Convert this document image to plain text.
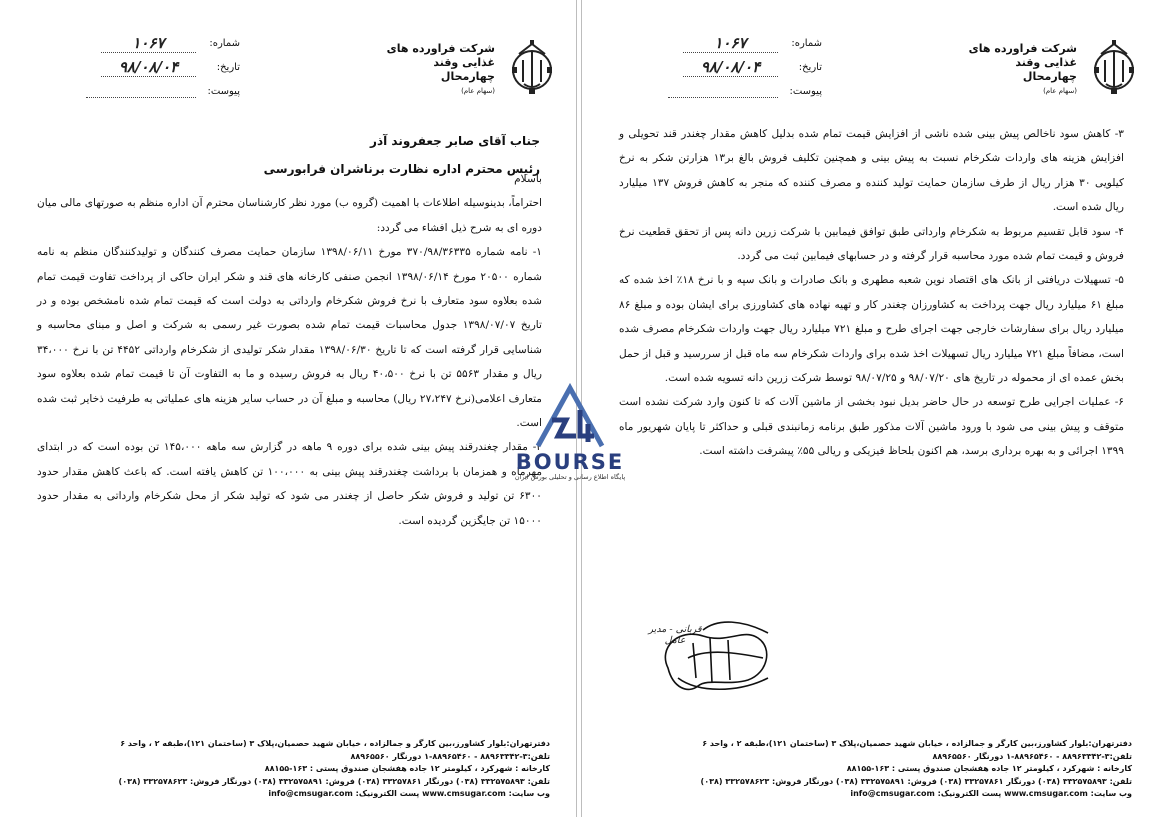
شماره:
۱۰۶۷
تاریخ:
۹۸/۰۸/۰۴
پیوست:
شرکت فراورده های
غذایی وقند
چهارمحال
(سهام عام)
جناب آقای صابر جعفروند آذر
رئیس محترم اداره نظارت برناشران فرابورسی

باسلام

احتراماً، بدینوسیله اطلاعات با اهمیت (گروه ب) مورد نظر کارشناسان محترم آن اداره منظم به صورتهای مالی میان دوره ای به شرح ذیل افشاء می گردد:

۱- نامه شماره ۳۷۰/۹۸/۳۶۳۳۵ مورخ ۱۳۹۸/۰۶/۱۱ سازمان حمایت مصرف کنندگان و تولیدکنندگان منظم به نامه شماره ۲۰۵۰۰ مورخ ۱۳۹۸/۰۶/۱۴ انجمن صنفی کارخانه های قند و شکر ایران حاکی از پرداخت تفاوت قیمت تمام شده بعلاوه سود متعارف با نرخ فروش شکرخام وارداتی به دولت است که قیمت تمام شده نامشخص بوده و در تاریخ ۱۳۹۸/۰۷/۰۷ جدول محاسبات قیمت تمام شده بصورت غیر رسمی به شرکت و اصل و مبنای محاسبه و شناسایی قرار گرفته است که تا تاریخ ۱۳۹۸/۰۶/۳۰ مقدار شکر تولیدی از شکرخام وارداتی ۴۴۵۲ تن با نرخ ۳۴،۰۰۰ ریال و مقدار ۵۵۶۳ تن با نرخ ۴۰،۵۰۰ ریال به فروش رسیده و ما به التفاوت آن تا قیمت تمام شده بعلاوه سود متعارف اعلامی(نرخ ۲۷،۲۴۷ ریال) محاسبه و مبلغ آن در حساب سایر هزینه های عملیاتی به طرفیت ذخایر ثبت شده است.

۲- مقدار چغندرقند پیش بینی شده برای دوره ۹ ماهه در گزارش سه ماهه ۱۴۵،۰۰۰ تن بوده است که در ابتدای مهرماه و همزمان با برداشت چغندرقند پیش بینی به ۱۰۰،۰۰۰ تن کاهش یافته است. که باعث کاهش مقدار حدود ۶۳۰۰ تن تولید و فروش شکر حاصل از چغندر می شود که تولید شکر از محل شکرخام وارداتی به مقدار حدود ۱۵۰۰۰ تن جایگزین گردیده است.

دفترتهران:بلوار کشاورز،بین کارگر و جمالزاده ، خیابان شهید حصمیان،پلاک ۳ (ساختمان ۱۲۱)،طبقه ۲ ، واحد ۶
تلفن:۳-۸۸۹۶۳۳۴۲ - ۸۸۹۶۵۴۶۰-۱ دورنگار ۸۸۹۶۵۵۶۰
کارخانه : شهرکرد ، کیلومتر ۱۲ جاده هفشجان صندوق پستی : ۱۶۳-۸۸۱۵۵
تلفن: ۳۳۲۵۷۵۸۹۳ (۰۳۸) دورنگار ۳۳۲۵۷۸۶۱ (۰۳۸) فروش: ۳۳۲۵۷۵۸۹۱ (۰۳۸) دورنگار فروش: ۳۳۲۵۷۸۶۲۳ (۰۳۸)
وب سایت: www.cmsugar.com پست الکترونیک: info@cmsugar.com
شماره:
۱۰۶۷
تاریخ:
۹۸/۰۸/۰۴
پیوست:
شرکت فراورده های
غذایی وقند
چهارمحال
(سهام عام)

۳- کاهش سود ناخالص پیش بینی شده ناشی از افزایش قیمت تمام شده بدلیل کاهش مقدار چغندر قند تحویلی و افزایش هزینه های واردات شکرخام نسبت به پیش بینی و همچنین تکلیف فروش بالغ بر۱۳ هزارتن شکر به نرخ کیلویی ۳۰ هزار ریال از طرف سازمان حمایت تولید کننده و مصرف کننده که منجر به کاهش فروش ۱۳۷ میلیارد ریال شده است.

۴- سود قابل تقسیم مربوط به شکرخام وارداتی طبق توافق فیمابین با شرکت زرین دانه پس از تحقق قطعیت نرخ فروش و قیمت تمام شده مورد محاسبه قرار گرفته و در حسابهای فیمابین ثبت می گردد.

۵- تسهیلات دریافتی از بانک های اقتصاد نوین شعبه مطهری و بانک صادرات و بانک سپه و با نرخ ۱۸٪ اخذ شده که مبلغ ۶۱ میلیارد ریال جهت پرداخت به کشاورزان چغندر کار و تهیه نهاده های کشاورزی برای ایشان بوده و مبلغ ۸۶ میلیارد ریال برای سفارشات خارجی جهت اجرای طرح و مبلغ ۷۲۱ میلیارد ریال جهت واردات شکرخام مصرف شده است، مضافاً مبلغ ۷۲۱ میلیارد ریال تسهیلات اخذ شده برای واردات شکرخام سه ماه قبل از سررسید و قبل از حمل بخش عمده ای از محموله در تاریخ های ۹۸/۰۷/۲۰ و ۹۸/۰۷/۲۵ توسط شرکت زرین دانه تسویه شده است.

۶- عملیات اجرایی طرح توسعه در حال حاضر بدیل نبود بخشی از ماشین آلات که تا کنون وارد شرکت نشده است متوقف و پیش بینی می شود با ورود ماشین آلات مذکور طبق برنامه زمانبندی قبلی و حداکثر تا پایان شهریور ماه ۱۳۹۹ اجرائی و به بهره برداری برسد، هم اکنون بلحاظ فیزیکی و ریالی ۵۵٪ پیشرفت داشته است.

دفترتهران:بلوار کشاورز،بین کارگر و جمالزاده ، خیابان شهید حصمیان،پلاک ۳ (ساختمان ۱۲۱)،طبقه ۲ ، واحد ۶
تلفن:۳-۸۸۹۶۳۳۴۲ - ۸۸۹۶۵۴۶۰-۱ دورنگار ۸۸۹۶۵۵۶۰
کارخانه : شهرکرد ، کیلومتر ۱۲ جاده هفشجان صندوق پستی : ۱۶۳-۸۸۱۵۵
تلفن: ۳۳۲۵۷۵۸۹۳ (۰۳۸) دورنگار ۳۳۲۵۷۸۶۱ (۰۳۸) فروش: ۳۳۲۵۷۵۸۹۱ (۰۳۸) دورنگار فروش: ۳۳۲۵۷۸۶۲۳ (۰۳۸)
وب سایت: www.cmsugar.com پست الکترونیک: info@cmsugar.com
قربانی - مدیر عامل
BOURSE
پایگاه اطلاع رسانی و تحلیلی بورس ایران
